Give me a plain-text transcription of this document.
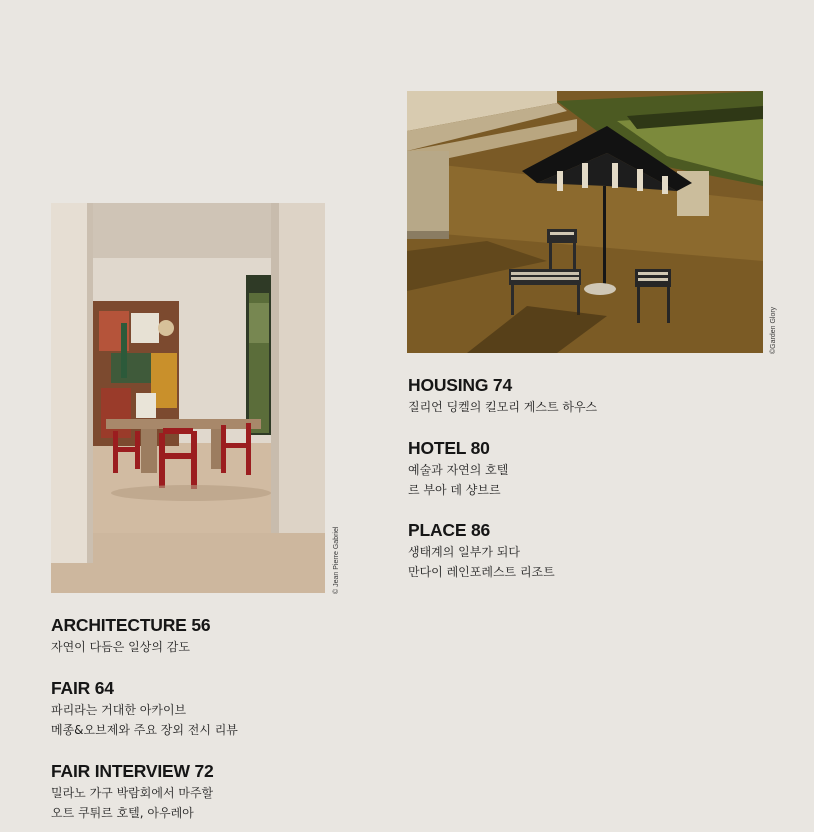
© Jean Pierre Gabriel
©Garden Glory
HOUSING 74

질리언 딩켈의 킬모리 게스트 하우스

HOTEL 80

예술과 자연의 호텔
르 부아 데 샹브르

PLACE 86

생태계의 일부가 되다
만다이 레인포레스트 리조트

ARCHITECTURE 56

자연이 다듬은 일상의 감도

FAIR 64

파리라는 거대한 아카이브
메종&오브제와 주요 장외 전시 리뷰

FAIR INTERVIEW 72

밀라노 가구 박람회에서 마주할
오트 쿠튀르 호텔, 아우레아
